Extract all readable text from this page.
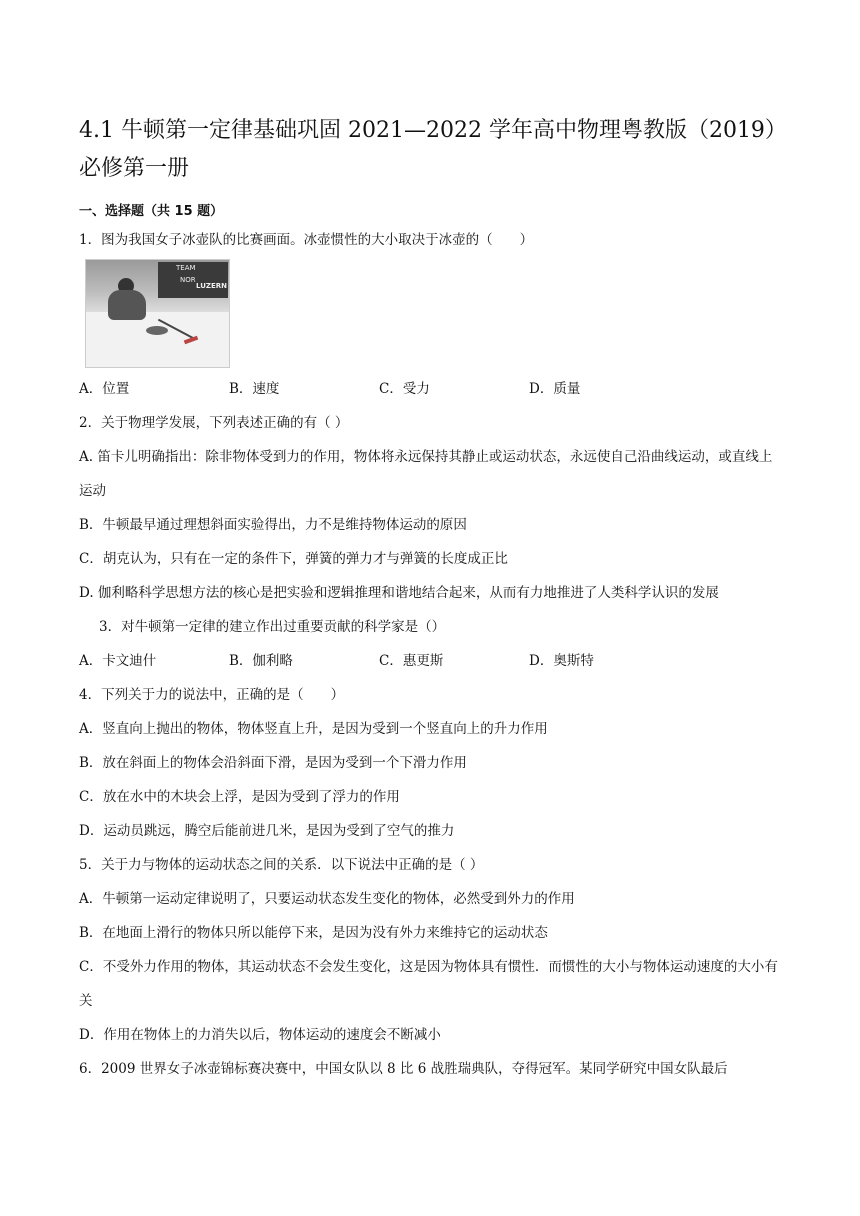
4.1 牛顿第一定律基础巩固 2021—2022 学年高中物理粤教版（2019）
必修第一册
一、选择题（共 15 题）
1．图为我国女子冰壶队的比赛画面。冰壶惯性的大小取决于冰壶的（　　）
TEAM
NOR
LUZERN
A．位置	B．速度	C．受力	D．质量
2．关于物理学发展，下列表述正确的有（ ）
A. 笛卡儿明确指出：除非物体受到力的作用，物体将永远保持其静止或运动状态，永远使自己沿曲线运动，或直线上运动
B．牛顿最早通过理想斜面实验得出，力不是维持物体运动的原因
C．胡克认为，只有在一定的条件下，弹簧的弹力才与弹簧的长度成正比
D. 伽利略科学思想方法的核心是把实验和逻辑推理和谐地结合起来，从而有力地推进了人类科学认识的发展
3．对牛顿第一定律的建立作出过重要贡献的科学家是（）
A．卡文迪什	B．伽利略	C．惠更斯	D．奥斯特
4．下列关于力的说法中，正确的是（　　）
A．竖直向上抛出的物体，物体竖直上升，是因为受到一个竖直向上的升力作用
B．放在斜面上的物体会沿斜面下滑，是因为受到一个下滑力作用
C．放在水中的木块会上浮，是因为受到了浮力的作用
D．运动员跳远，腾空后能前进几米，是因为受到了空气的推力
5．关于力与物体的运动状态之间的关系．以下说法中正确的是（ ）
A．牛顿第一运动定律说明了，只要运动状态发生变化的物体，必然受到外力的作用
B．在地面上滑行的物体只所以能停下来，是因为没有外力来维持它的运动状态
C．不受外力作用的物体，其运动状态不会发生变化，这是因为物体具有惯性．而惯性的大小与物体运动速度的大小有关
D．作用在物体上的力消失以后，物体运动的速度会不断减小
6．2009 世界女子冰壶锦标赛决赛中，中国女队以 8 比 6 战胜瑞典队，夺得冠军。某同学研究中国女队最后
